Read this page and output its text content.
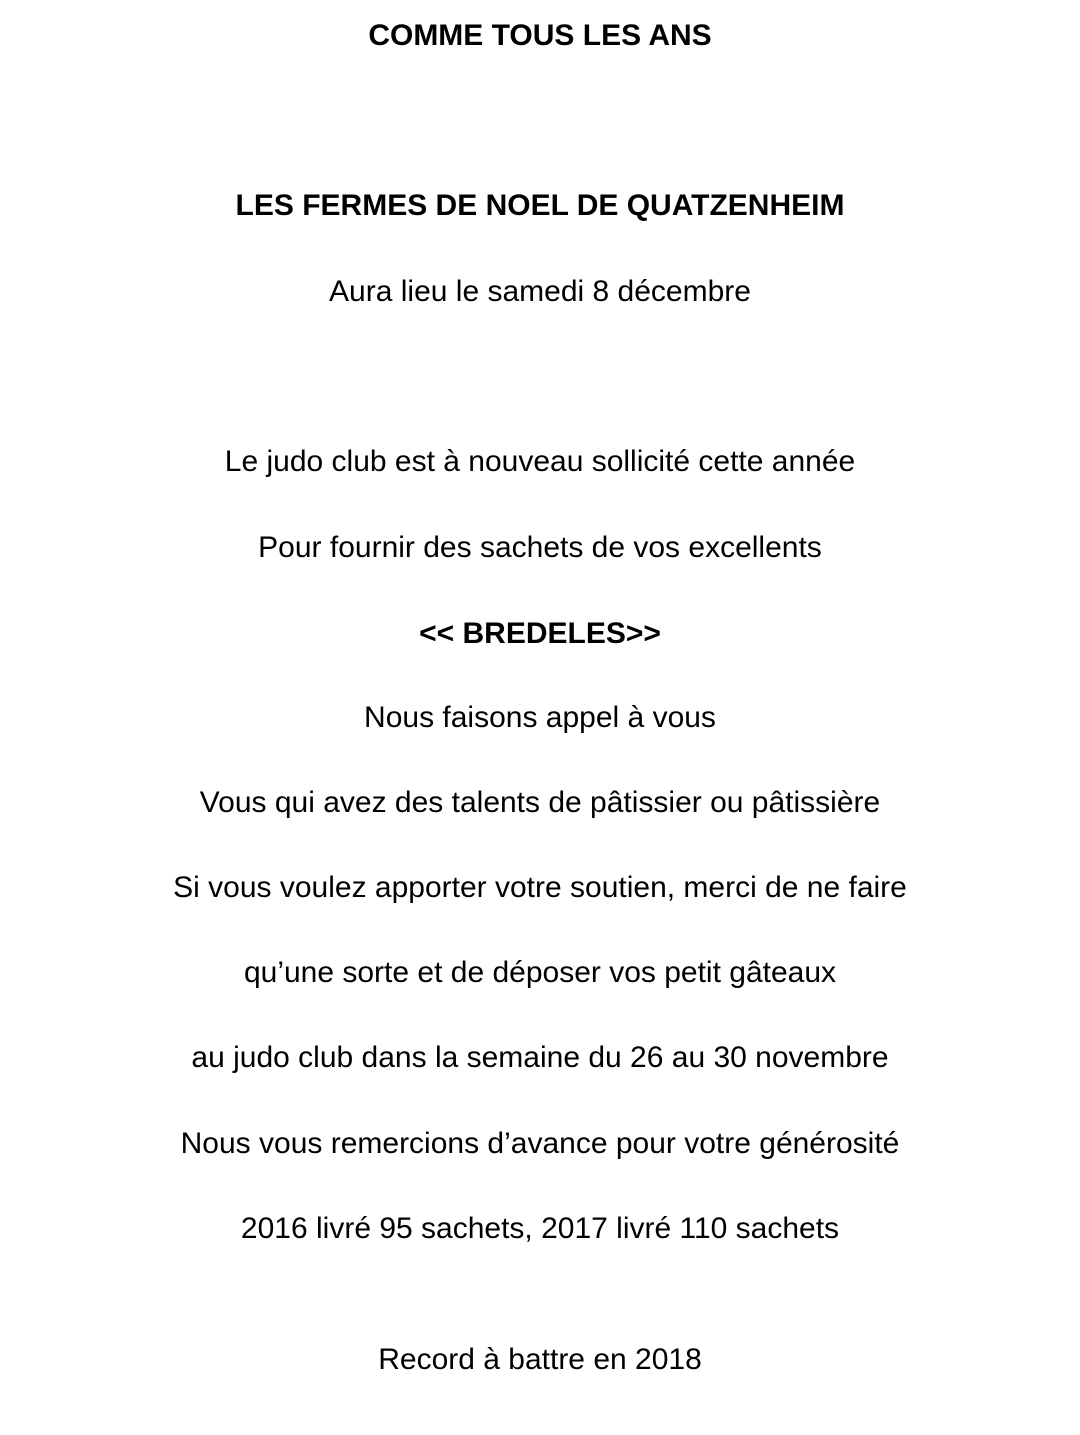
COMME TOUS LES ANS
LES FERMES DE NOEL DE QUATZENHEIM
Aura lieu le samedi 8 décembre
Le judo club est à nouveau sollicité cette année
Pour fournir des sachets de vos excellents
<< BREDELES>>
Nous faisons appel à vous
Vous qui avez des talents de pâtissier ou pâtissière
Si vous voulez apporter votre soutien, merci de ne faire
qu’une sorte et de déposer vos petit gâteaux
au judo club dans la semaine du 26 au 30 novembre
Nous vous remercions d’avance pour votre générosité
2016 livré 95 sachets, 2017 livré 110 sachets
Record à battre en 2018
